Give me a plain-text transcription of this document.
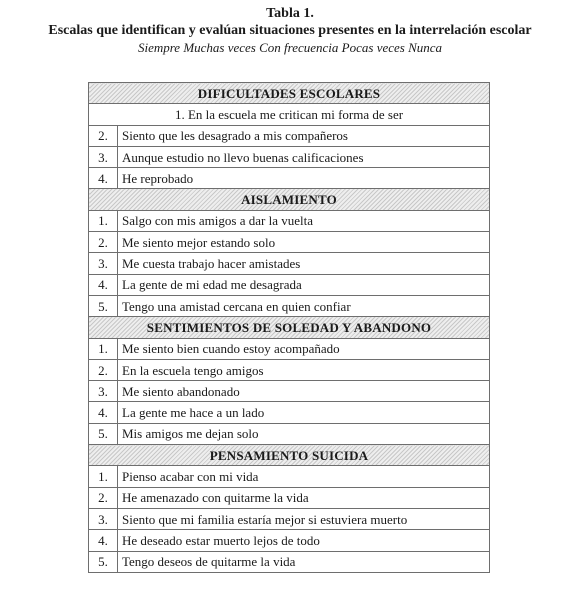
Tabla 1.
Escalas que identifican y evalúan situaciones presentes en la interrelación escolar
Siempre Muchas veces Con frecuencia Pocas veces Nunca
DIFICULTADES ESCOLARES	
1. En la escuela me critican mi forma de ser	
2.	Siento que les desagrado a mis compañeros
3.	Aunque estudio no llevo buenas calificaciones
4.	He reprobado
AISLAMIENTO	
1.	Salgo con mis amigos a dar la vuelta
2.	Me siento mejor estando solo
3.	Me cuesta trabajo hacer amistades
4.	La gente de mi edad me desagrada
5.	Tengo una amistad cercana en quien confiar
SENTIMIENTOS DE SOLEDAD Y ABANDONO	
1.	Me siento bien cuando estoy acompañado
2.	En la escuela tengo amigos
3.	Me siento abandonado
4.	La gente me hace a un lado
5.	Mis amigos me dejan solo
PENSAMIENTO SUICIDA	
1.	Pienso acabar con mi vida
2.	He amenazado con quitarme la vida
3.	Siento que mi familia estaría mejor si estuviera muerto
4.	He deseado estar muerto lejos de todo
5.	Tengo deseos de quitarme la vida
